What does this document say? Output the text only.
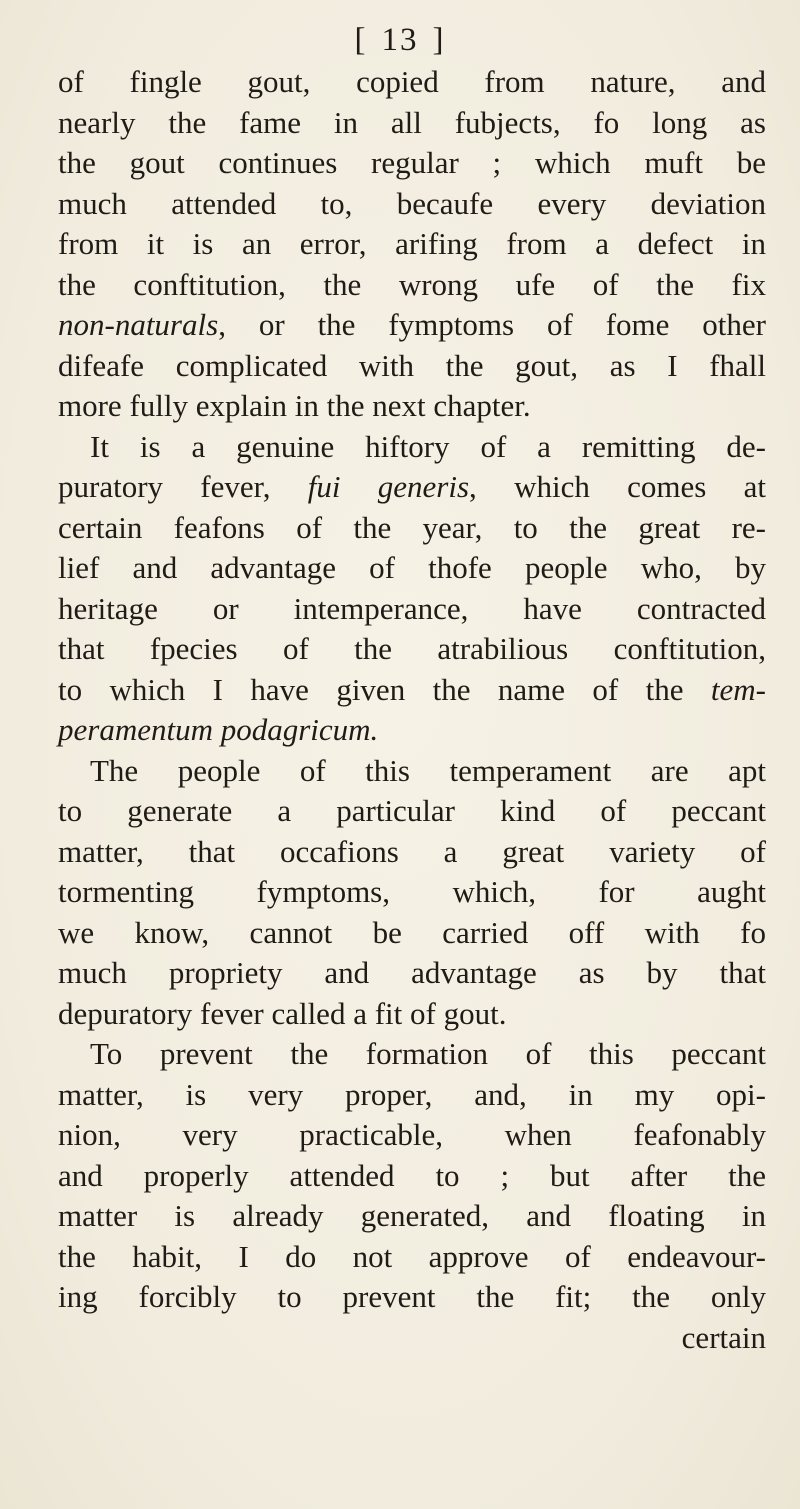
[ 13 ]
of fingle gout, copied from nature, and
nearly the fame in all fubjects, fo long as
the gout continues regular ; which muft be
much attended to, becaufe every deviation
from it is an error, arifing from a defect in
the conftitution, the wrong ufe of the fix
non-naturals, or the fymptoms of fome other
difeafe complicated with the gout, as I fhall
more fully explain in the next chapter.
It is a genuine hiftory of a remitting de-
puratory fever, fui generis, which comes at
certain feafons of the year, to the great re-
lief and advantage of thofe people who, by
heritage or intemperance, have contracted
that fpecies of the atrabilious conftitution,
to which I have given the name of the tem-
peramentum podagricum.
The people of this temperament are apt
to generate a particular kind of peccant
matter, that occafions a great variety of
tormenting fymptoms, which, for aught
we know, cannot be carried off with fo
much propriety and advantage as by that
depuratory fever called a fit of gout.
To prevent the formation of this peccant
matter, is very proper, and, in my opi-
nion, very practicable, when feafonably
and properly attended to ; but after the
matter is already generated, and floating in
the habit, I do not approve of endeavour-
ing forcibly to prevent the fit; the only
certain
